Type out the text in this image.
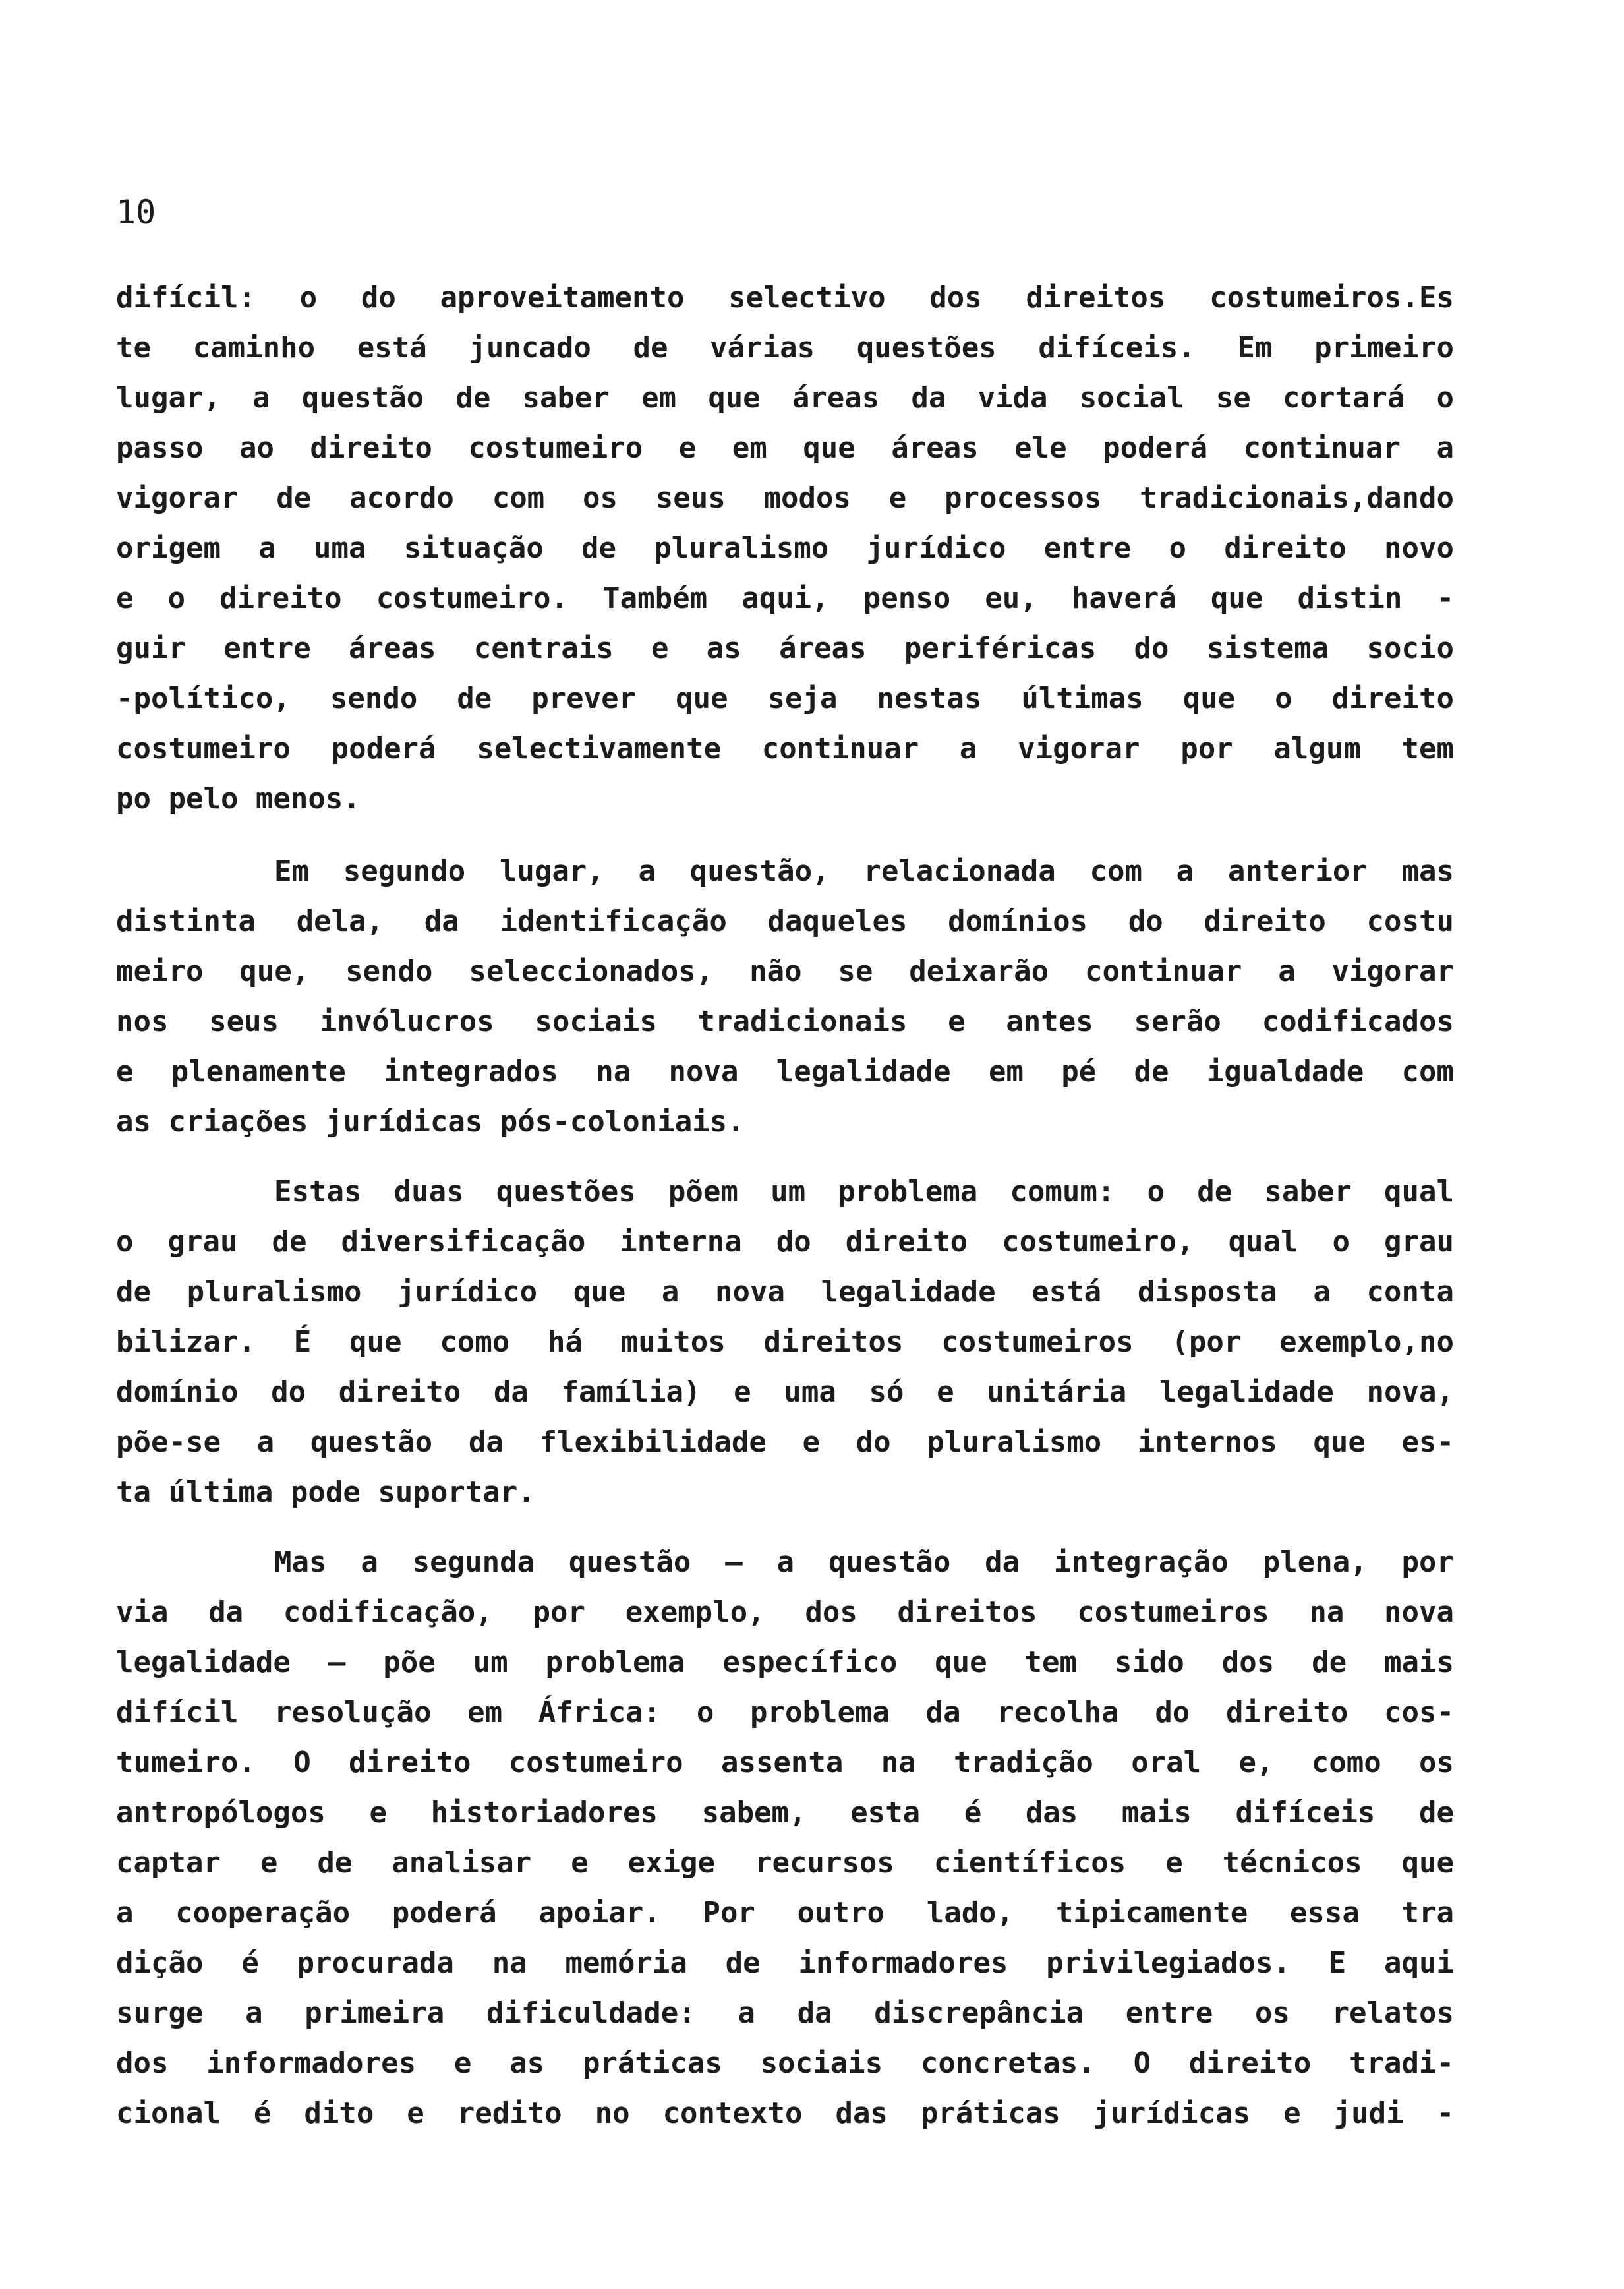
10
difícil: o do aproveitamento selectivo dos direitos costumeiros.Es
te caminho está juncado de várias questões difíceis. Em primeiro
lugar, a questão de saber em que áreas da vida social se cortará o
passo ao direito costumeiro e em que áreas ele poderá continuar a
vigorar de acordo com os seus modos e processos tradicionais,dando
origem a uma situação de pluralismo jurídico entre o direito novo
e o direito costumeiro. Também aqui, penso eu, haverá que distin -
guir entre áreas centrais e as áreas periféricas do sistema socio
-político, sendo de prever que seja nestas últimas que o direito
costumeiro poderá selectivamente continuar a vigorar por algum tem
po pelo menos.
Em segundo lugar, a questão, relacionada com a anterior mas
distinta dela, da identificação daqueles domínios do direito costu
meiro que, sendo seleccionados, não se deixarão continuar a vigorar
nos seus invólucros sociais tradicionais e antes serão codificados
e plenamente integrados na nova legalidade em pé de igualdade com
as criações jurídicas pós-coloniais.
Estas duas questões põem um problema comum: o de saber qual
o grau de diversificação interna do direito costumeiro, qual o grau
de pluralismo jurídico que a nova legalidade está disposta a conta
bilizar. É que como há muitos direitos costumeiros (por exemplo,no
domínio do direito da família) e uma só e unitária legalidade nova,
põe-se a questão da flexibilidade e do pluralismo internos que es-
ta última pode suportar.
Mas a segunda questão — a questão da integração plena, por
via da codificação, por exemplo, dos direitos costumeiros na nova
legalidade — põe um problema específico que tem sido dos de mais
difícil resolução em África: o problema da recolha do direito cos-
tumeiro. O direito costumeiro assenta na tradição oral e, como os
antropólogos e historiadores sabem, esta é das mais difíceis de
captar e de analisar e exige recursos científicos e técnicos que
a cooperação poderá apoiar. Por outro lado, tipicamente essa tra
dição é procurada na memória de informadores privilegiados. E aqui
surge a primeira dificuldade: a da discrepância entre os relatos
dos informadores e as práticas sociais concretas. O direito tradi-
cional é dito e redito no contexto das práticas jurídicas e judi -
